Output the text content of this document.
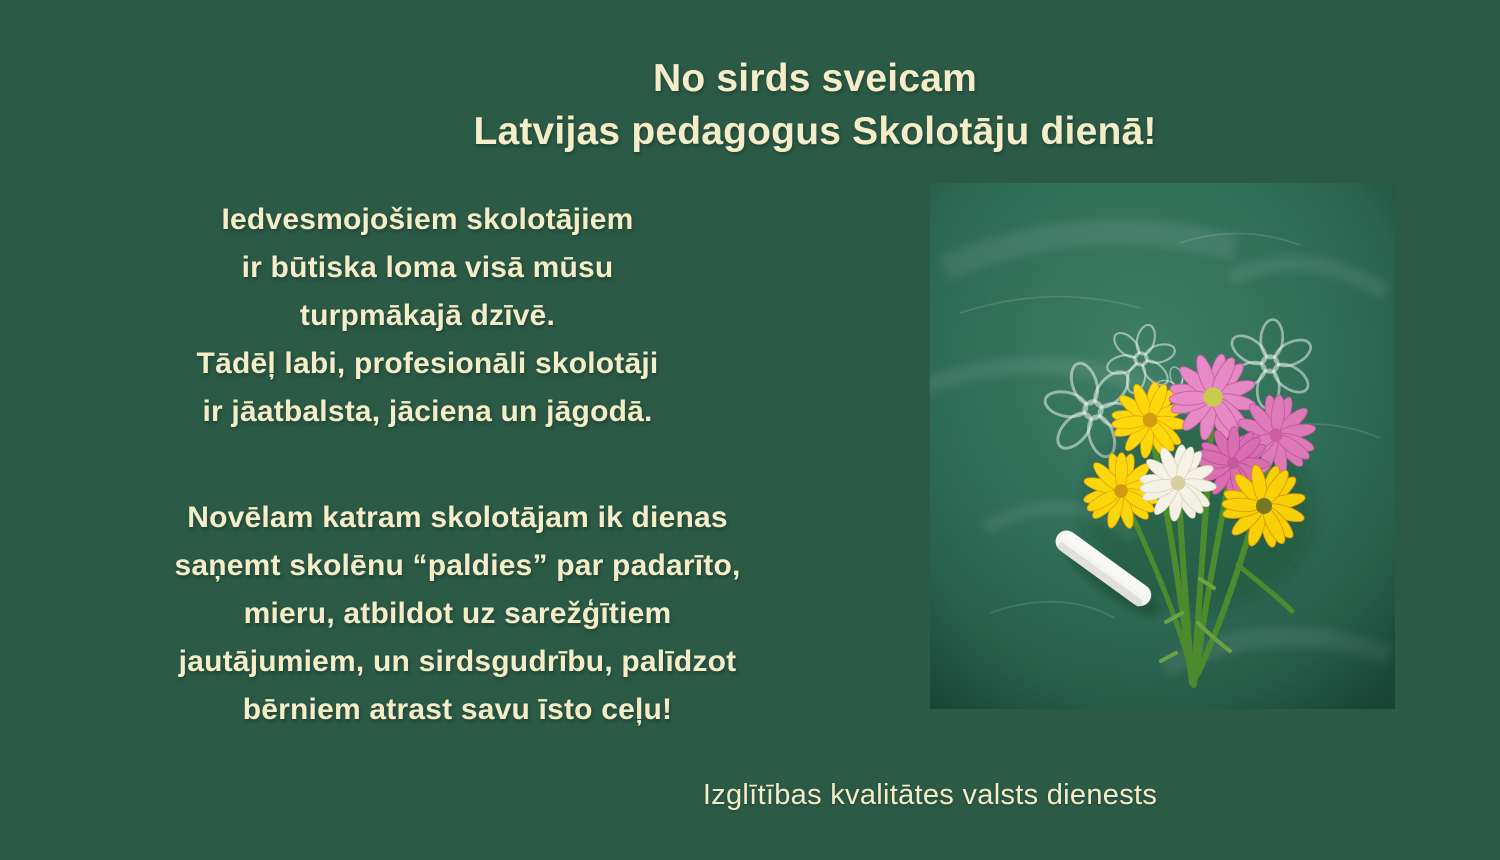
No sirds sveicam
Latvijas pedagogus Skolotāju dienā!
Iedvesmojošiem skolotājiem
ir būtiska loma visā mūsu
turpmākajā dzīvē.
Tādēļ labi, profesionāli skolotāji
ir jāatbalsta, jāciena un jāgodā.
Novēlam katram skolotājam ik dienas
saņemt skolēnu “paldies” par padarīto,
mieru, atbildot uz sarežģītiem
jautājumiem, un sirdsgudrību, palīdzot
bērniem atrast savu īsto ceļu!
Izglītības kvalitātes valsts dienests
